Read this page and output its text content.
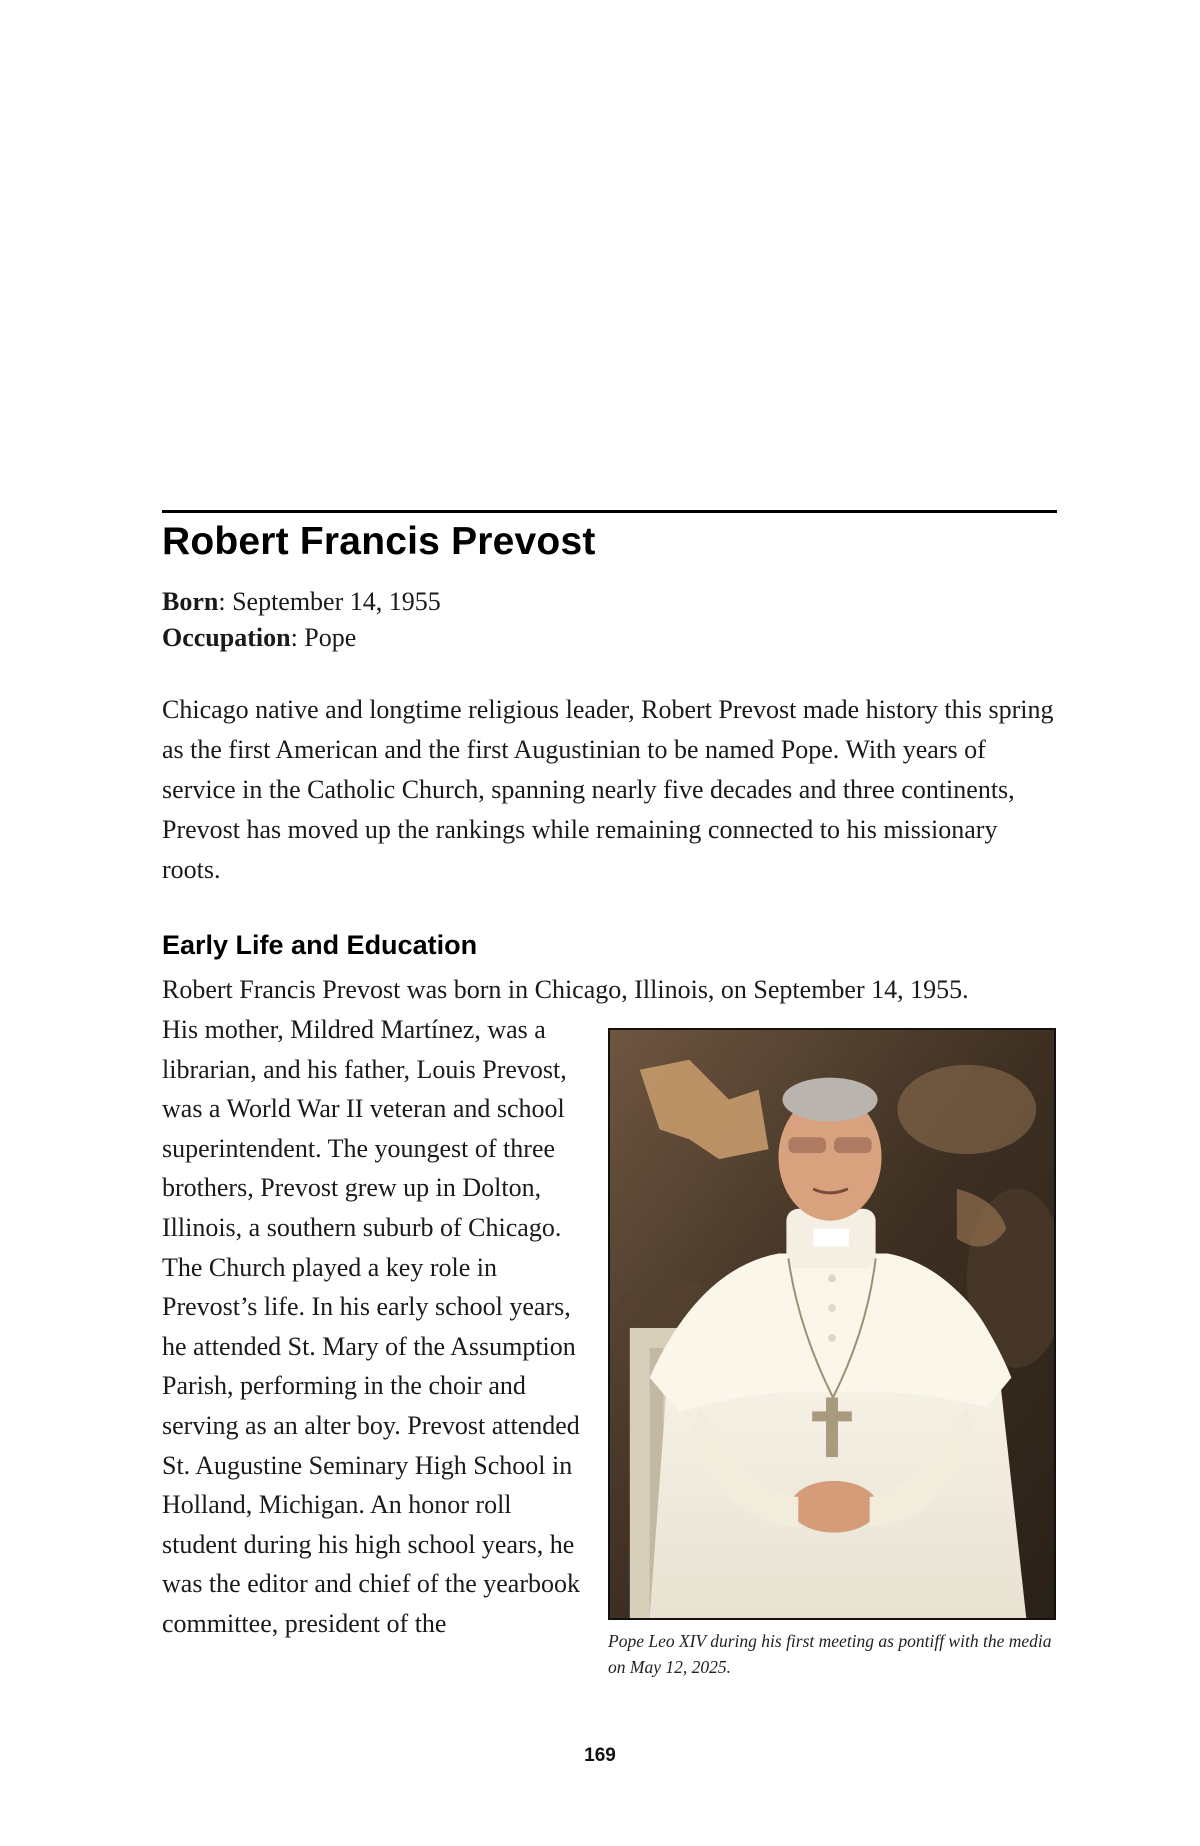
Robert Francis Prevost
Born: September 14, 1955
Occupation: Pope

Chicago native and longtime religious leader, Robert Prevost made history this spring as the first American and the first Augustinian to be named Pope. With years of service in the Catholic Church, spanning nearly five decades and three continents, Prevost has moved up the rankings while remaining connected to his missionary roots.

Early Life and Education

Robert Francis Prevost was born in Chicago, Illinois, on September 14, 1955.

His mother, Mildred Martínez, was a librarian, and his father, Louis Prevost, was a World War II veteran and school superintendent. The youngest of three brothers, Prevost grew up in Dolton, Illinois, a southern suburb of Chicago. The Church played a key role in Prevost’s life. In his early school years, he attended St. Mary of the Assumption Parish, performing in the choir and serving as an alter boy. Prevost attended St. Augustine Seminary High School in Holland, Michigan. An honor roll student during his high school years, he was the editor and chief of the yearbook committee, president of the

Pope Leo XIV during his first meeting as pontiff with the media on May 12, 2025.

169
